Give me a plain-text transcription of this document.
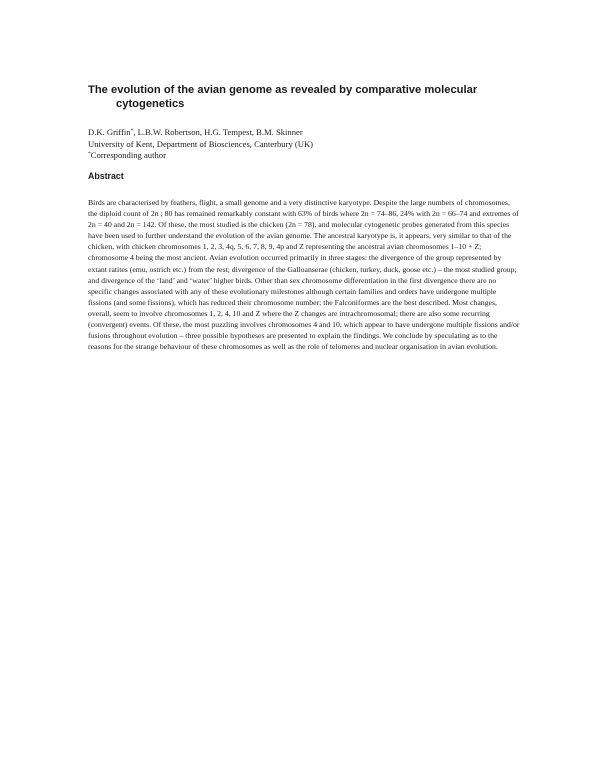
The evolution of the avian genome as revealed by comparative molecular
cytogenetics
D.K. Griffin*, L.B.W. Robertson, H.G. Tempest, B.M. Skinner
University of Kent, Department of Biosciences, Canterbury (UK)
*Corresponding author
Abstract

Birds are characterised by feathers, flight, a small genome and a very distinctive karyotype. Despite the large numbers of chromosomes, the diploid count of 2n ; 80 has remained remarkably constant with 63% of birds where 2n = 74–86, 24% with 2n = 66–74 and extremes of 2n = 40 and 2n = 142. Of these, the most studied is the chicken (2n = 78), and molecular cytogenetic probes generated from this species have been used to further understand the evolution of the avian genome. The ancestral karyotype is, it appears, very similar to that of the chicken, with chicken chromosomes 1, 2, 3, 4q, 5, 6, 7, 8, 9, 4p and Z representing the ancestral avian chromosomes 1–10 + Z; chromosome 4 being the most ancient. Avian evolution occurred primarily in three stages: the divergence of the group represented by extant ratites (emu, ostrich etc.) from the rest; divergence of the Galloanserae (chicken, turkey, duck, goose etc.) – the most studied group; and divergence of the ‘land’ and ‘water’ higher birds. Other than sex chromosome differentiation in the first divergence there are no specific changes associated with any of these evolutionary milestones although certain families and orders have undergone multiple fissions (and some fissions), which has reduced their chromosome number; the Falconiformes are the best described. Most changes, overall, seem to involve chromosomes 1, 2, 4, 10 and Z where the Z changes are intrachromosomal; there are also some recurring (convergent) events. Of these, the most puzzling involves chromosomes 4 and 10, which appear to have undergone multiple fissions and/or fusions throughout evolution – three possible hypotheses are presented to explain the findings. We conclude by speculating as to the reasons for the strange behaviour of these chromosomes as well as the role of telomeres and nuclear organisation in avian evolution.
